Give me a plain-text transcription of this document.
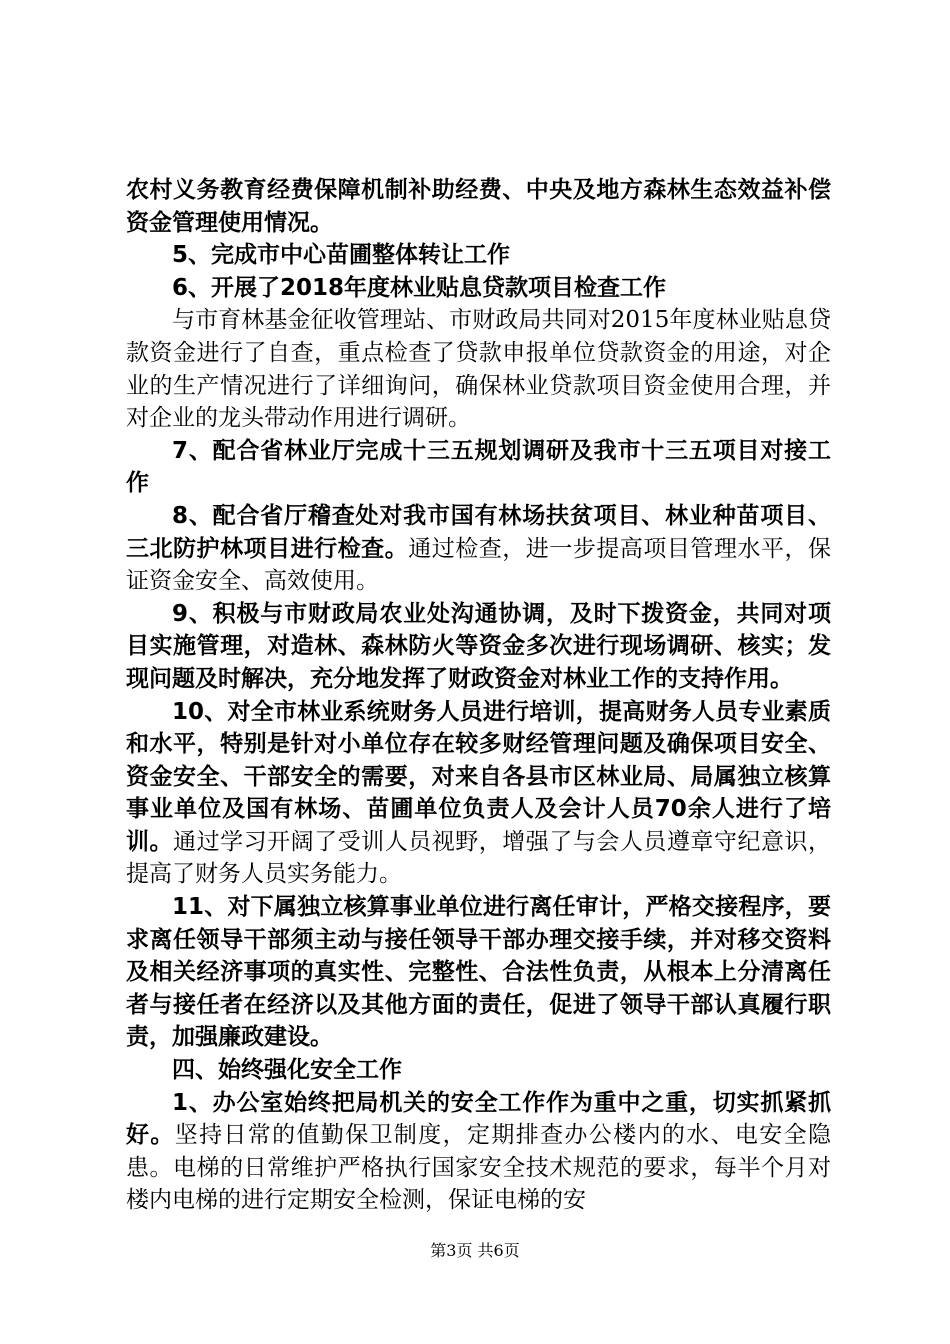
农村义务教育经费保障机制补助经费、中央及地方森林生态效益补偿资金管理使用情况。

5、完成市中心苗圃整体转让工作

6、开展了2018年度林业贴息贷款项目检查工作

与市育林基金征收管理站、市财政局共同对2015年度林业贴息贷款资金进行了自查，重点检查了贷款申报单位贷款资金的用途，对企业的生产情况进行了详细询问，确保林业贷款项目资金使用合理，并对企业的龙头带动作用进行调研。

7、配合省林业厅完成十三五规划调研及我市十三五项目对接工作

8、配合省厅稽查处对我市国有林场扶贫项目、林业种苗项目、三北防护林项目进行检查。通过检查，进一步提高项目管理水平，保证资金安全、高效使用。

9、积极与市财政局农业处沟通协调，及时下拨资金，共同对项目实施管理，对造林、森林防火等资金多次进行现场调研、核实；发现问题及时解决，充分地发挥了财政资金对林业工作的支持作用。

10、对全市林业系统财务人员进行培训，提高财务人员专业素质和水平，特别是针对小单位存在较多财经管理问题及确保项目安全、资金安全、干部安全的需要，对来自各县市区林业局、局属独立核算事业单位及国有林场、苗圃单位负责人及会计人员70余人进行了培训。通过学习开阔了受训人员视野，增强了与会人员遵章守纪意识，提高了财务人员实务能力。

11、对下属独立核算事业单位进行离任审计，严格交接程序，要求离任领导干部须主动与接任领导干部办理交接手续，并对移交资料及相关经济事项的真实性、完整性、合法性负责，从根本上分清离任者与接任者在经济以及其他方面的责任，促进了领导干部认真履行职责，加强廉政建设。

四、始终强化安全工作

1、办公室始终把局机关的安全工作作为重中之重，切实抓紧抓好。坚持日常的值勤保卫制度，定期排查办公楼内的水、电安全隐患。电梯的日常维护严格执行国家安全技术规范的要求，每半个月对楼内电梯的进行定期安全检测，保证电梯的安

第3页 共6页
